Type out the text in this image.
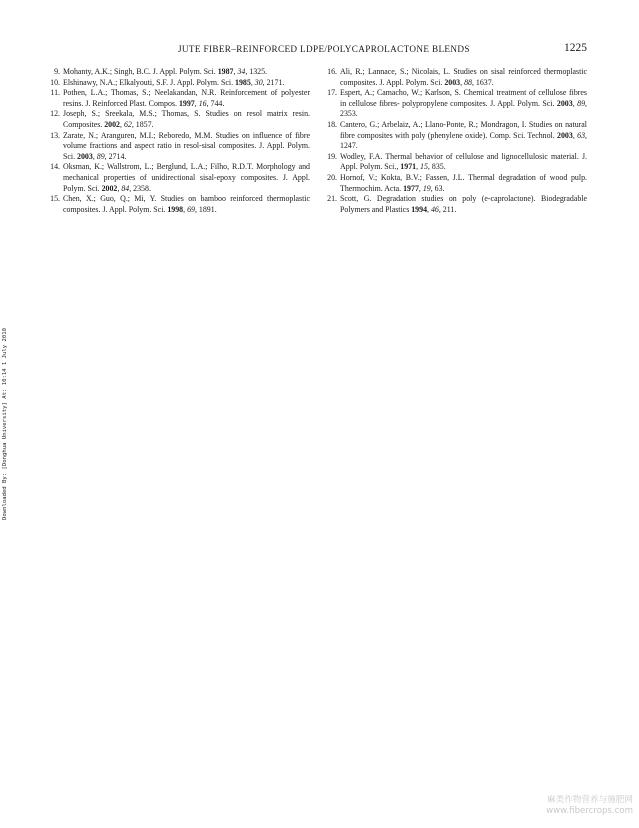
JUTE FIBER–REINFORCED LDPE/POLYCAPROLACTONE BLENDS	1225

9. Mohanty, A.K.; Singh, B.C. J. Appl. Polym. Sci. 1987, 34, 1325.

10. Elshinawy, N.A.; Elkalyouti, S.F. J. Appl. Polym. Sci. 1985, 30, 2171.

11. Pothen, L.A.; Thomas, S.; Neelakandan, N.R. Reinforcement of polyester resins. J. Reinforced Plast. Compos. 1997, 16, 744.

12. Joseph, S.; Sreekala, M.S.; Thomas, S. Studies on resol matrix resin. Composites. 2002, 62, 1857.

13. Zarate, N.; Aranguren, M.I.; Reboredo, M.M. Studies on influence of fibre volume fractions and aspect ratio in resol-sisal composites. J. Appl. Polym. Sci. 2003, 89, 2714.

14. Oksman, K.; Wallstrom, L.; Berglund, L.A.; Filho, R.D.T. Morphology and mechanical properties of unidirectional sisal-epoxy composites. J. Appl. Polym. Sci. 2002, 84, 2358.

15. Chen, X.; Guo, Q.; Mi, Y. Studies on bamboo reinforced thermoplastic composites. J. Appl. Polym. Sci. 1998, 69, 1891.

16. Ali, R.; Lannace, S.; Nicolais, L. Studies on sisal reinforced thermoplastic composites. J. Appl. Polym. Sci. 2003, 88, 1637.

17. Espert, A.; Camacho, W.; Karlson, S. Chemical treatment of cellulose fibres in cellulose fibres- polypropylene composites. J. Appl. Polym. Sci. 2003, 89, 2353.

18. Cantero, G.; Arbelaiz, A.; Llano-Ponte, R.; Mondragon, I. Studies on natural fibre composites with poly (phenylene oxide). Comp. Sci. Technol. 2003, 63, 1247.

19. Wodley, F.A. Thermal behavior of cellulose and lignocellulosic material. J. Appl. Polym. Sci., 1971, 15, 835.

20. Hornof, V.; Kokta, B.V.; Fassen, J.L. Thermal degradation of wood pulp. Thermochim. Acta. 1977, 19, 63.

21. Scott, G. Degradation studies on poly (e-caprolactone). Biodegradable Polymers and Plastics 1994, 46, 211.

Downloaded By: [Donghua University] At: 10:14 1 July 2010
麻类作物营养与施肥网
www.fibercrops.com
